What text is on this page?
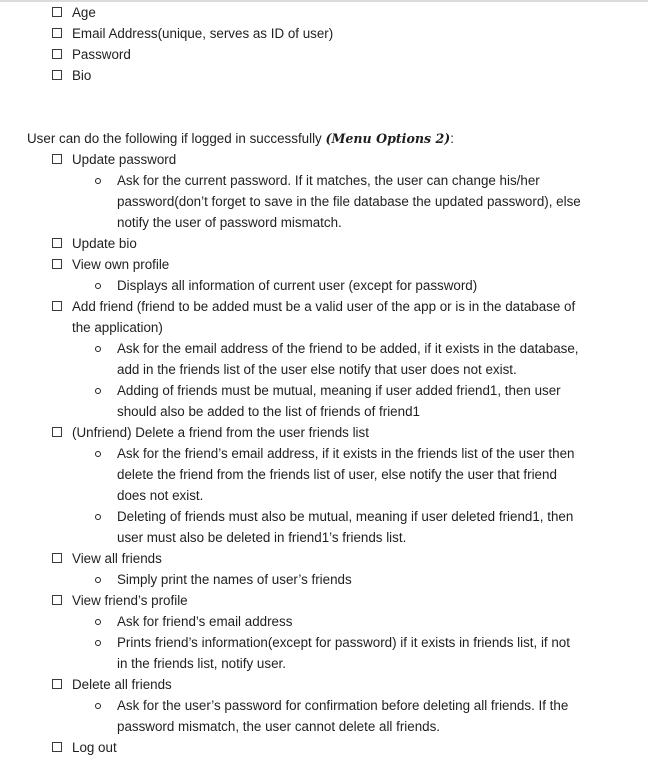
Age
Email Address(unique, serves as ID of user)
Password
Bio
User can do the following if logged in successfully (Menu Options 2):
Update password
Ask for the current password. If it matches, the user can change his/her
password(don’t forget to save in the file database the updated password), else
notify the user of password mismatch.
Update bio
View own profile
Displays all information of current user (except for password)
Add friend (friend to be added must be a valid user of the app or is in the database of
the application)
Ask for the email address of the friend to be added, if it exists in the database,
add in the friends list of the user else notify that user does not exist.
Adding of friends must be mutual, meaning if user added friend1, then user
should also be added to the list of friends of friend1
(Unfriend) Delete a friend from the user friends list
Ask for the friend’s email address, if it exists in the friends list of the user then
delete the friend from the friends list of user, else notify the user that friend
does not exist.
Deleting of friends must also be mutual, meaning if user deleted friend1, then
user must also be deleted in friend1’s friends list.
View all friends
Simply print the names of user’s friends
View friend’s profile
Ask for friend’s email address
Prints friend’s information(except for password) if it exists in friends list, if not
in the friends list, notify user.
Delete all friends
Ask for the user’s password for confirmation before deleting all friends. If the
password mismatch, the user cannot delete all friends.
Log out
